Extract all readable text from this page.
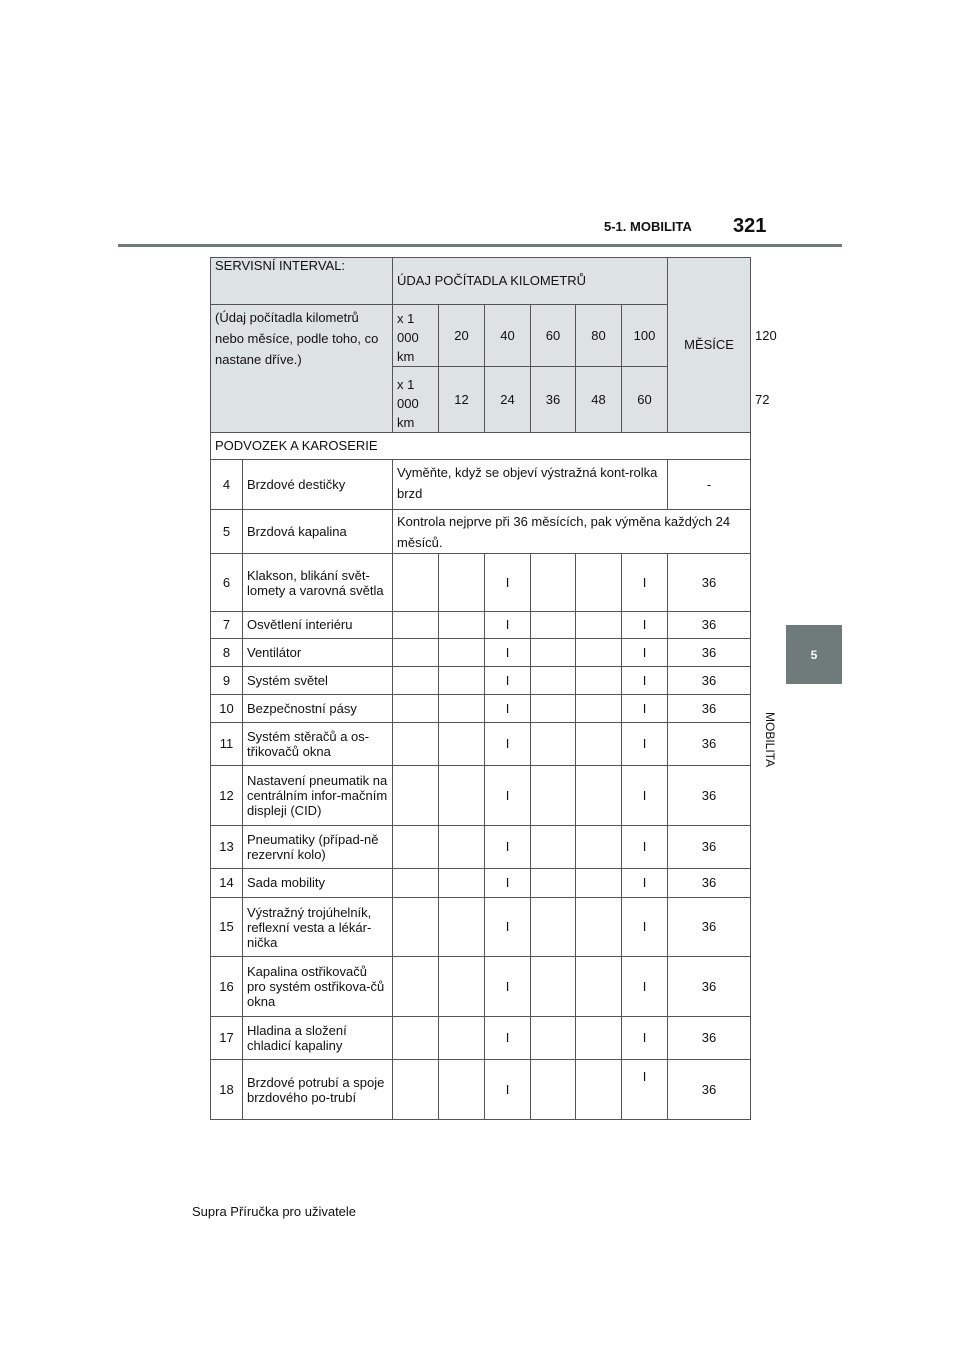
5-1. MOBILITA 321
5
MOBILITA
SERVISNÍ INTERVAL:		ÚDAJ POČÍTADLA KILOMETRŮ						MĚSÍCE	
(Údaj počítadla kilometrů nebo měsíce, podle toho, co nastane dříve.)		x 1 000 km	20	40	60	80	100		120
		x 1 000 km	12	24	36	48	60		72
PODVOZEK A KAROSERIE									
4	Brzdové destičky	Vyměňte, když se objeví výstražná kont-rolka brzd						-	
5	Brzdová kapalina	Kontrola nejprve při 36 měsících, pak výměna každých 24 měsíců.							
6	Klakson, blikání svět-lomety a varovná světla			I			I	36	
7	Osvětlení interiéru			I			I	36	
8	Ventilátor			I			I	36	
9	Systém světel			I			I	36	
10	Bezpečnostní pásy			I			I	36	
11	Systém stěračů a os-třikovačů okna			I			I	36	
12	Nastavení pneumatik na centrálním infor-mačním displeji (CID)			I			I	36	
13	Pneumatiky (případ-ně rezervní kolo)			I			I	36	
14	Sada mobility			I			I	36	
15	Výstražný trojúhelník, reflexní vesta a lékár-nička			I			I	36	
16	Kapalina ostřikovačů pro systém ostřikova-čů okna			I			I	36	
17	Hladina a složení chladicí kapaliny			I			I	36	
18	Brzdové potrubí a spoje brzdového po-trubí			I			I	36	
Supra Příručka pro uživatele
